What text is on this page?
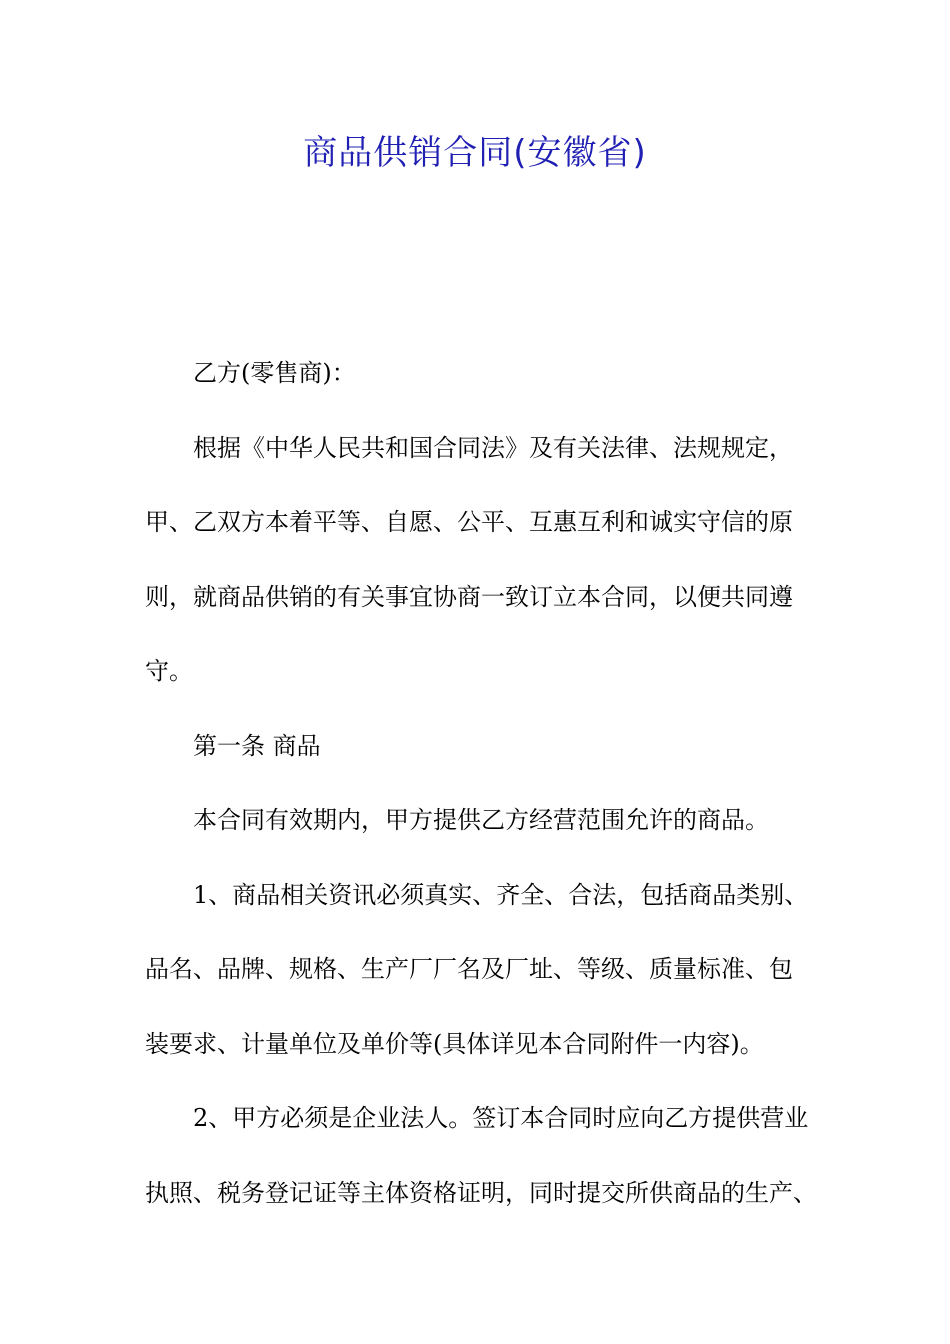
商品供销合同(安徽省)
乙方(零售商)：
根据《中华人民共和国合同法》及有关法律、法规规定，
甲、乙双方本着平等、自愿、公平、互惠互利和诚实守信的原
则，就商品供销的有关事宜协商一致订立本合同，以便共同遵
守。
第一条 商品
本合同有效期内，甲方提供乙方经营范围允许的商品。
1、商品相关资讯必须真实、齐全、合法，包括商品类别、
品名、品牌、规格、生产厂厂名及厂址、等级、质量标准、包
装要求、计量单位及单价等(具体详见本合同附件一内容)。
2、甲方必须是企业法人。签订本合同时应向乙方提供营业
执照、税务登记证等主体资格证明，同时提交所供商品的生产、
